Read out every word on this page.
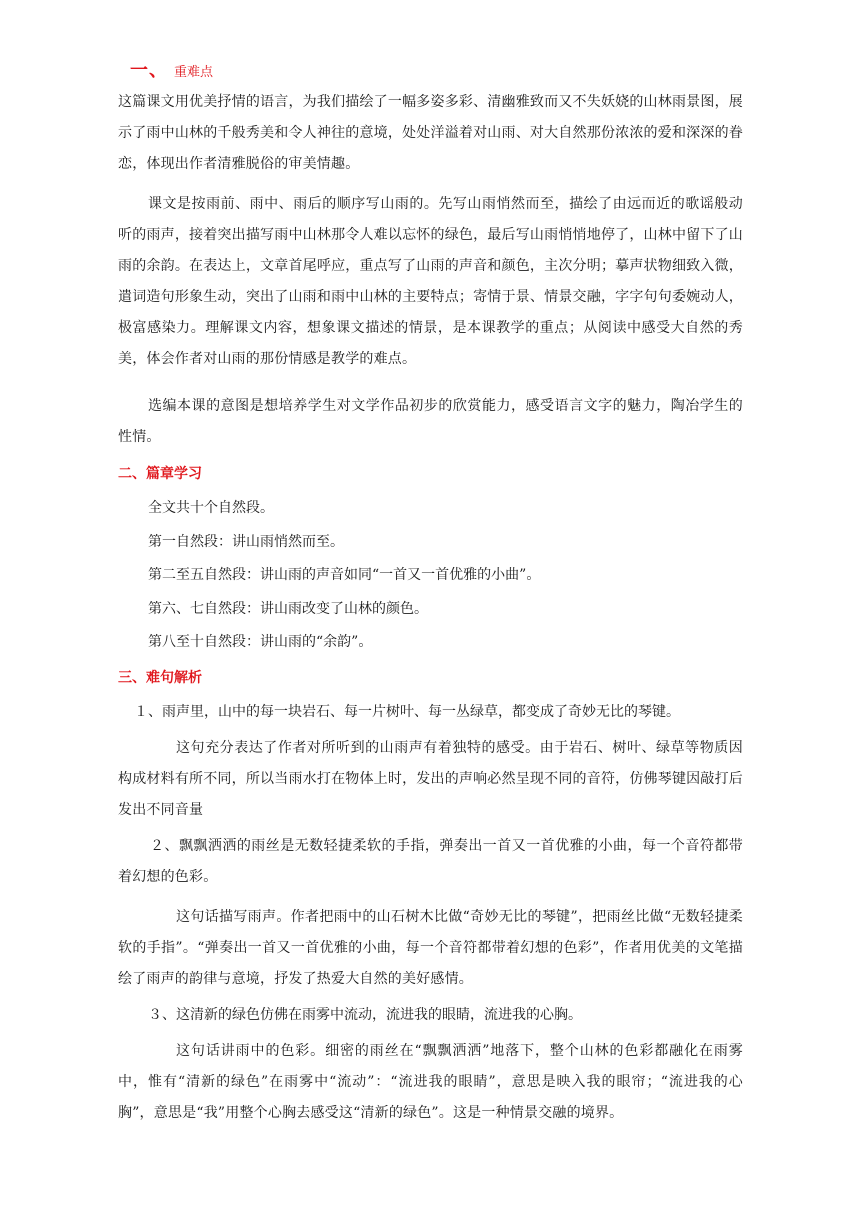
一、 重难点

这篇课文用优美抒情的语言，为我们描绘了一幅多姿多彩、清幽雅致而又不失妖娆的山林雨景图，展示了雨中山林的千般秀美和令人神往的意境，处处洋溢着对山雨、对大自然那份浓浓的爱和深深的眷恋，体现出作者清雅脱俗的审美情趣。

课文是按雨前、雨中、雨后的顺序写山雨的。先写山雨悄然而至，描绘了由远而近的歌谣般动听的雨声，接着突出描写雨中山林那令人难以忘怀的绿色，最后写山雨悄悄地停了，山林中留下了山雨的余韵。在表达上，文章首尾呼应，重点写了山雨的声音和颜色，主次分明；摹声状物细致入微，遣词造句形象生动，突出了山雨和雨中山林的主要特点；寄情于景、情景交融，字字句句委婉动人，极富感染力。理解课文内容，想象课文描述的情景，是本课教学的重点；从阅读中感受大自然的秀美，体会作者对山雨的那份情感是教学的难点。

选编本课的意图是想培养学生对文学作品初步的欣赏能力，感受语言文字的魅力，陶冶学生的性情。

二、篇章学习
全文共十个自然段。
第一自然段：讲山雨悄然而至。
第二至五自然段：讲山雨的声音如同“一首又一首优雅的小曲”。
第六、七自然段：讲山雨改变了山林的颜色。
第八至十自然段：讲山雨的“余韵”。
三、难句解析
１、雨声里，山中的每一块岩石、每一片树叶、每一丛绿草，都变成了奇妙无比的琴键。

这句充分表达了作者对所听到的山雨声有着独特的感受。由于岩石、树叶、绿草等物质因构成材料有所不同，所以当雨水打在物体上时，发出的声响必然呈现不同的音符，仿佛琴键因敲打后发出不同音量

２、飘飘洒洒的雨丝是无数轻捷柔软的手指，弹奏出一首又一首优雅的小曲，每一个音符都带着幻想的色彩。

这句话描写雨声。作者把雨中的山石树木比做“奇妙无比的琴键”，把雨丝比做“无数轻捷柔软的手指”。“弹奏出一首又一首优雅的小曲，每一个音符都带着幻想的色彩”，作者用优美的文笔描绘了雨声的韵律与意境，抒发了热爱大自然的美好感情。

３、这清新的绿色仿佛在雨雾中流动，流进我的眼睛，流进我的心胸。

这句话讲雨中的色彩。细密的雨丝在“飘飘洒洒”地落下，整个山林的色彩都融化在雨雾中，惟有“清新的绿色”在雨雾中“流动”：“流进我的眼睛”，意思是映入我的眼帘；“流进我的心胸”，意思是“我”用整个心胸去感受这“清新的绿色”。这是一种情景交融的境界。
